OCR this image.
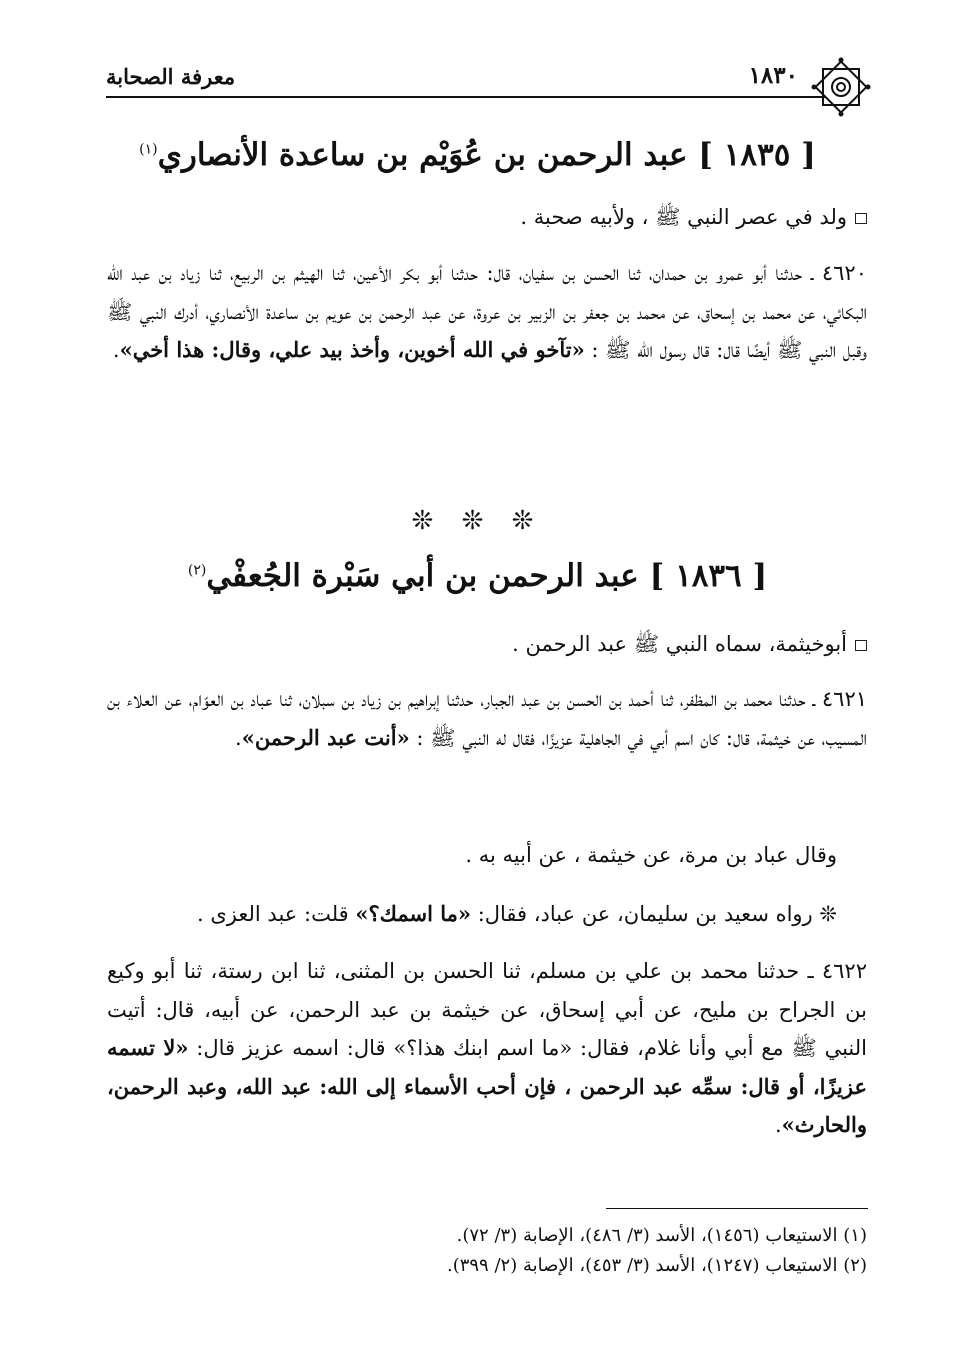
معرفة الصحابة	١٨٣٠
[ ١٨٣٥ ] عبد الرحمن بن عُوَيْم بن ساعدة الأنصاري$^{(١)}$
ولد في عصر النبي ﷺ ، ولأبيه صحبة .
٤٦٢٠ ـ حدثنا أبو عمرو بن حمدان، ثنا الحسن بن سفيان، قال: حدثنا أبو بكر الأعين، ثنا الهيثم بن الربيع، ثنا زياد بن عبد الله البكائي، عن محمد بن إسحاق، عن محمد بن جعفر بن الزبير بن عروة، عن عبد الرحمن بن عويم بن ساعدة الأنصاري، أدرك النبي ﷺ وقبل النبي ﷺ أيضًا قال: قال رسول الله ﷺ : «تآخو في الله أخوين، وأخذ بيد علي، وقال: هذا أخي».
❊ ❊ ❊
[ ١٨٣٦ ] عبد الرحمن بن أبي سَبْرة الجُعفْي$^{(٢)}$
أبوخيثمة، سماه النبي ﷺ عبد الرحمن .
٤٦٢١ ـ حدثنا محمد بن المظفر، ثنا أحمد بن الحسن بن عبد الجبار، حدثنا إبراهيم بن زياد بن سبلان، ثنا عباد بن العوّام، عن العلاء بن المسيب، عن خيثمة، قال: كان اسم أبي في الجاهلية عزيزًا، فقال له النبي ﷺ : «أنت عبد الرحمن».
وقال عباد بن مرة، عن خيثمة ، عن أبيه به .
❊ رواه سعيد بن سليمان، عن عباد، فقال: «ما اسمك؟» قلت: عبد العزى .
٤٦٢٢ ـ حدثنا محمد بن علي بن مسلم، ثنا الحسن بن المثنى، ثنا ابن رستة، ثنا أبو وكيع بن الجراح بن مليح، عن أبي إسحاق، عن خيثمة بن عبد الرحمن، عن أبيه، قال: أتيت النبي ﷺ مع أبي وأنا غلام، فقال: «ما اسم ابنك هذا؟» قال: اسمه عزيز قال: «لا تسمه عزيزًا، أو قال: سمِّه عبد الرحمن ، فإن أحب الأسماء إلى الله: عبد الله، وعبد الرحمن، والحارث».
(١) الاستيعاب (١٤٥٦)، الأسد (٣/ ٤٨٦)، الإصابة (٣/ ٧٢).
(٢) الاستيعاب (١٢٤٧)، الأسد (٣/ ٤٥٣)، الإصابة (٢/ ٣٩٩).
